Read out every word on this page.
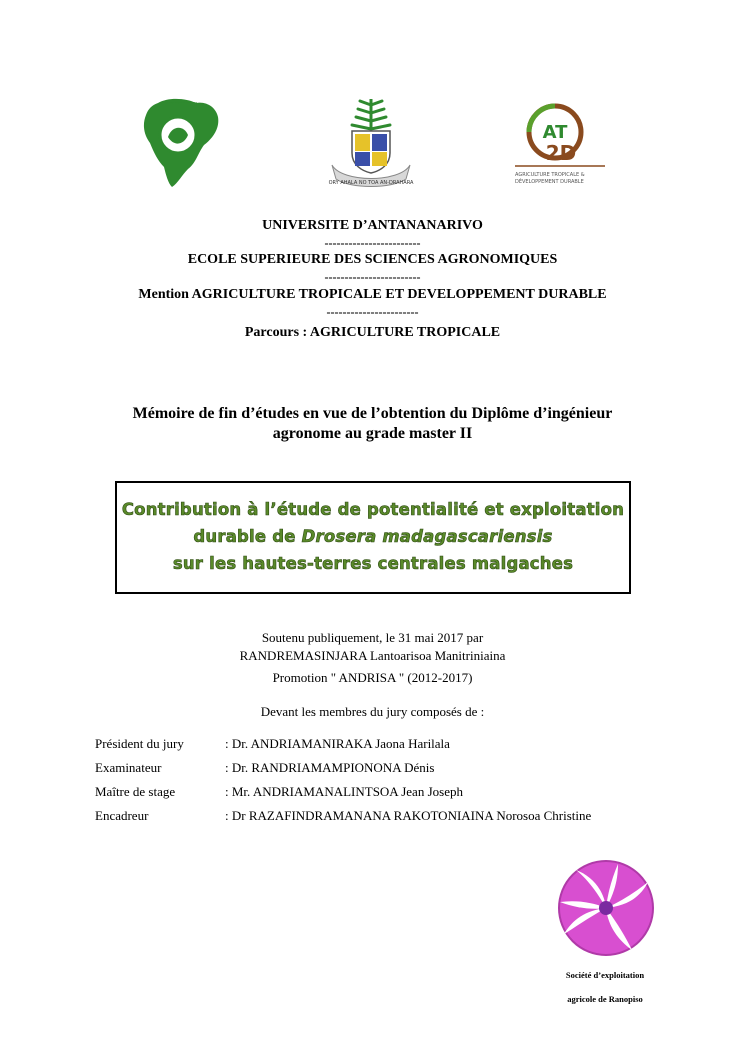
~~~~~~
ORY AHALA NO TOA AN-DRAHARA
AT
2D
AGRICULTURE TROPICALE &
DÉVELOPPEMENT DURABLE
UNIVERSITE D’ANTANANARIVO
------------------------
ECOLE SUPERIEURE DES SCIENCES AGRONOMIQUES
------------------------
Mention AGRICULTURE TROPICALE ET DEVELOPPEMENT DURABLE
-----------------------
Parcours : AGRICULTURE TROPICALE
Mémoire de fin d’études en vue de l’obtention du Diplôme d’ingénieur
agronome au grade master II
Contribution à l’étude de potentialité et exploitation
durable de Drosera madagascariensis
sur les hautes-terres centrales malgaches
Soutenu publiquement, le 31 mai 2017 par
RANDREMASINJARA Lantoarisoa Manitriniaina
Promotion " ANDRISA " (2012-2017)
Devant les membres du jury composés de :
Président du jury	: Dr. ANDRIAMANIRAKA Jaona Harilala
Examinateur	: Dr. RANDRIAMAMPIONONA Dénis
Maître de stage	: Mr. ANDRIAMANALINTSOA Jean Joseph
Encadreur	: Dr RAZAFINDRAMANANA RAKOTONIAINA Norosoa Christine
Société d’exploitation
agricole de Ranopiso
